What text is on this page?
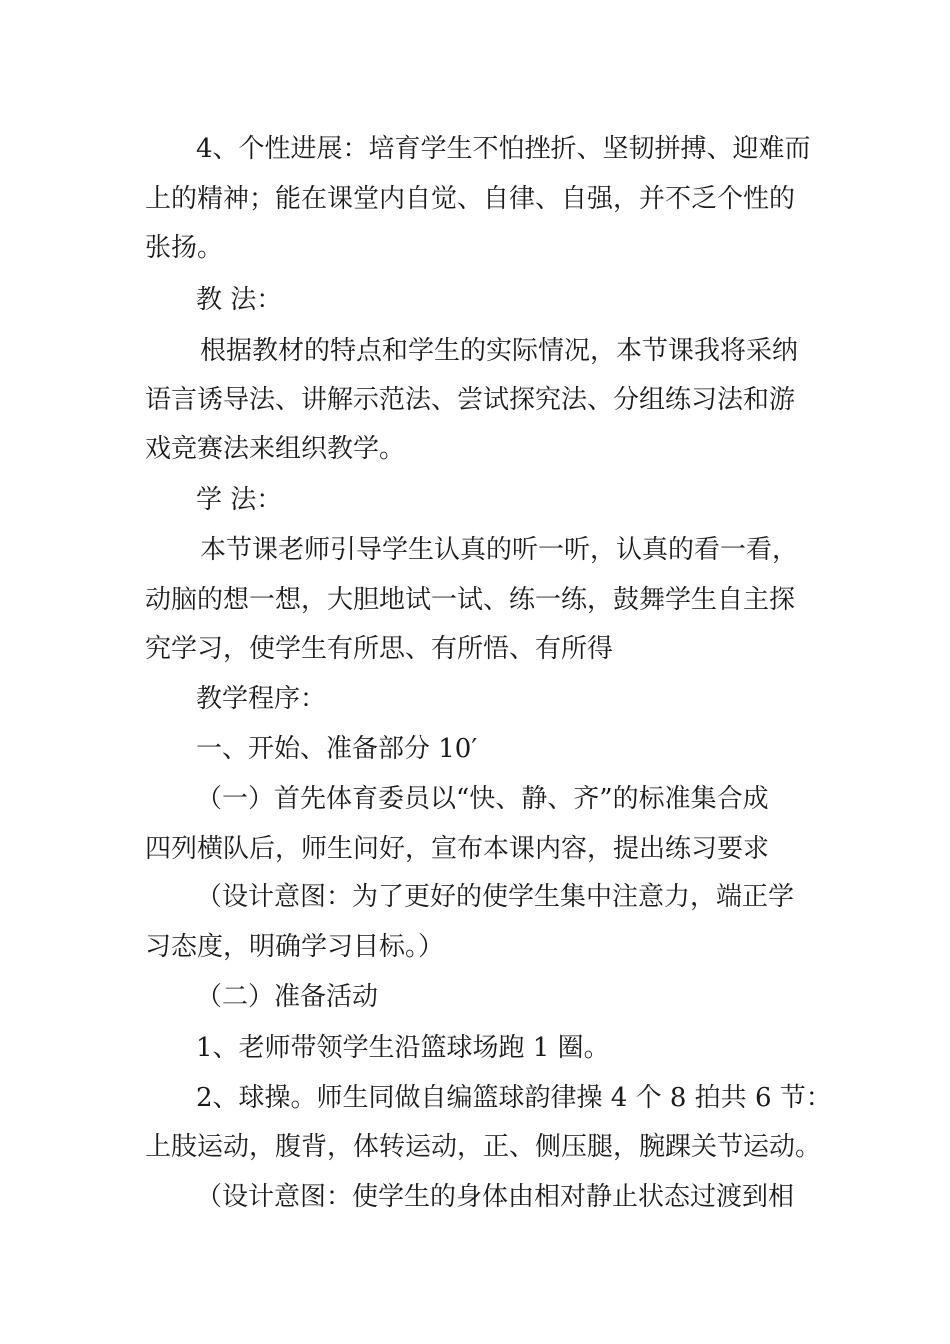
4、个性进展：培育学生不怕挫折、坚韧拼搏、迎难而
上的精神；能在课堂内自觉、自律、自强，并不乏个性的
张扬。
教 法：
根据教材的特点和学生的实际情况，本节课我将采纳
语言诱导法、讲解示范法、尝试探究法、分组练习法和游
戏竞赛法来组织教学。
学 法：
本节课老师引导学生认真的听一听，认真的看一看，
动脑的想一想，大胆地试一试、练一练，鼓舞学生自主探
究学习，使学生有所思、有所悟、有所得
教学程序：
一、开始、准备部分 10′
（一）首先体育委员以“快、静、齐”的标准集合成
四列横队后，师生问好，宣布本课内容，提出练习要求
（设计意图：为了更好的使学生集中注意力，端正学
习态度，明确学习目标。）
（二）准备活动
1、老师带领学生沿篮球场跑 1 圈。
2、球操。师生同做自编篮球韵律操 4 个 8 拍共 6 节：
上肢运动，腹背，体转运动，正、侧压腿，腕踝关节运动。
（设计意图：使学生的身体由相对静止状态过渡到相
